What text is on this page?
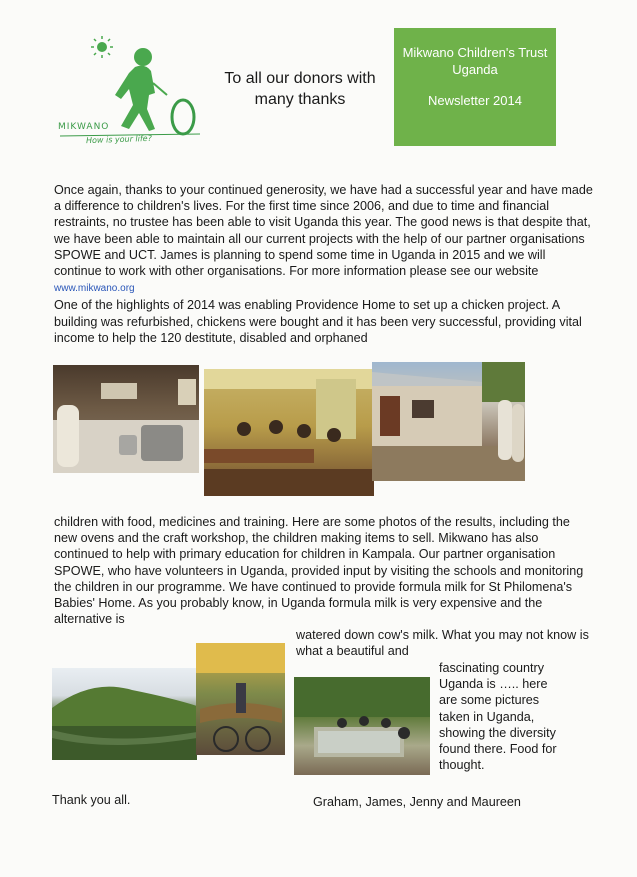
MIKWANO
How is your life?
To all our donors with many thanks
Mikwano Children's Trust Uganda
Newsletter 2014
Once again, thanks to your continued generosity, we have had a successful year and have made a difference to children's lives. For the first time since 2006, and due to time and financial restraints, no trustee has been able to visit Uganda this year. The good news is that despite that, we have been able to maintain all our current projects with the help of our partner organisations SPOWE and UCT. James is planning to spend some time in Uganda in 2015 and we will continue to work with other organisations. For more information please see our website www.mikwano.org
One of the highlights of 2014 was enabling Providence Home to set up a chicken project. A building was refurbished, chickens were bought and it has been very successful, providing vital income to help the 120 destitute, disabled and orphaned
children with food, medicines and training. Here are some photos of the results, including the new ovens and the craft workshop, the children making items to sell. Mikwano has also continued to help with primary education for children in Kampala. Our partner organisation SPOWE, who have volunteers in Uganda, provided input by visiting the schools and monitoring the children in our programme. We have continued to provide formula milk for St Philomena's Babies' Home. As you probably know, in Uganda formula milk is very expensive and the alternative is
watered down cow's milk. What you may not know is what a beautiful and
fascinating country Uganda is ….. here are some pictures taken in Uganda, showing the diversity found there. Food for thought.
Thank you all.	Graham, James, Jenny and Maureen
